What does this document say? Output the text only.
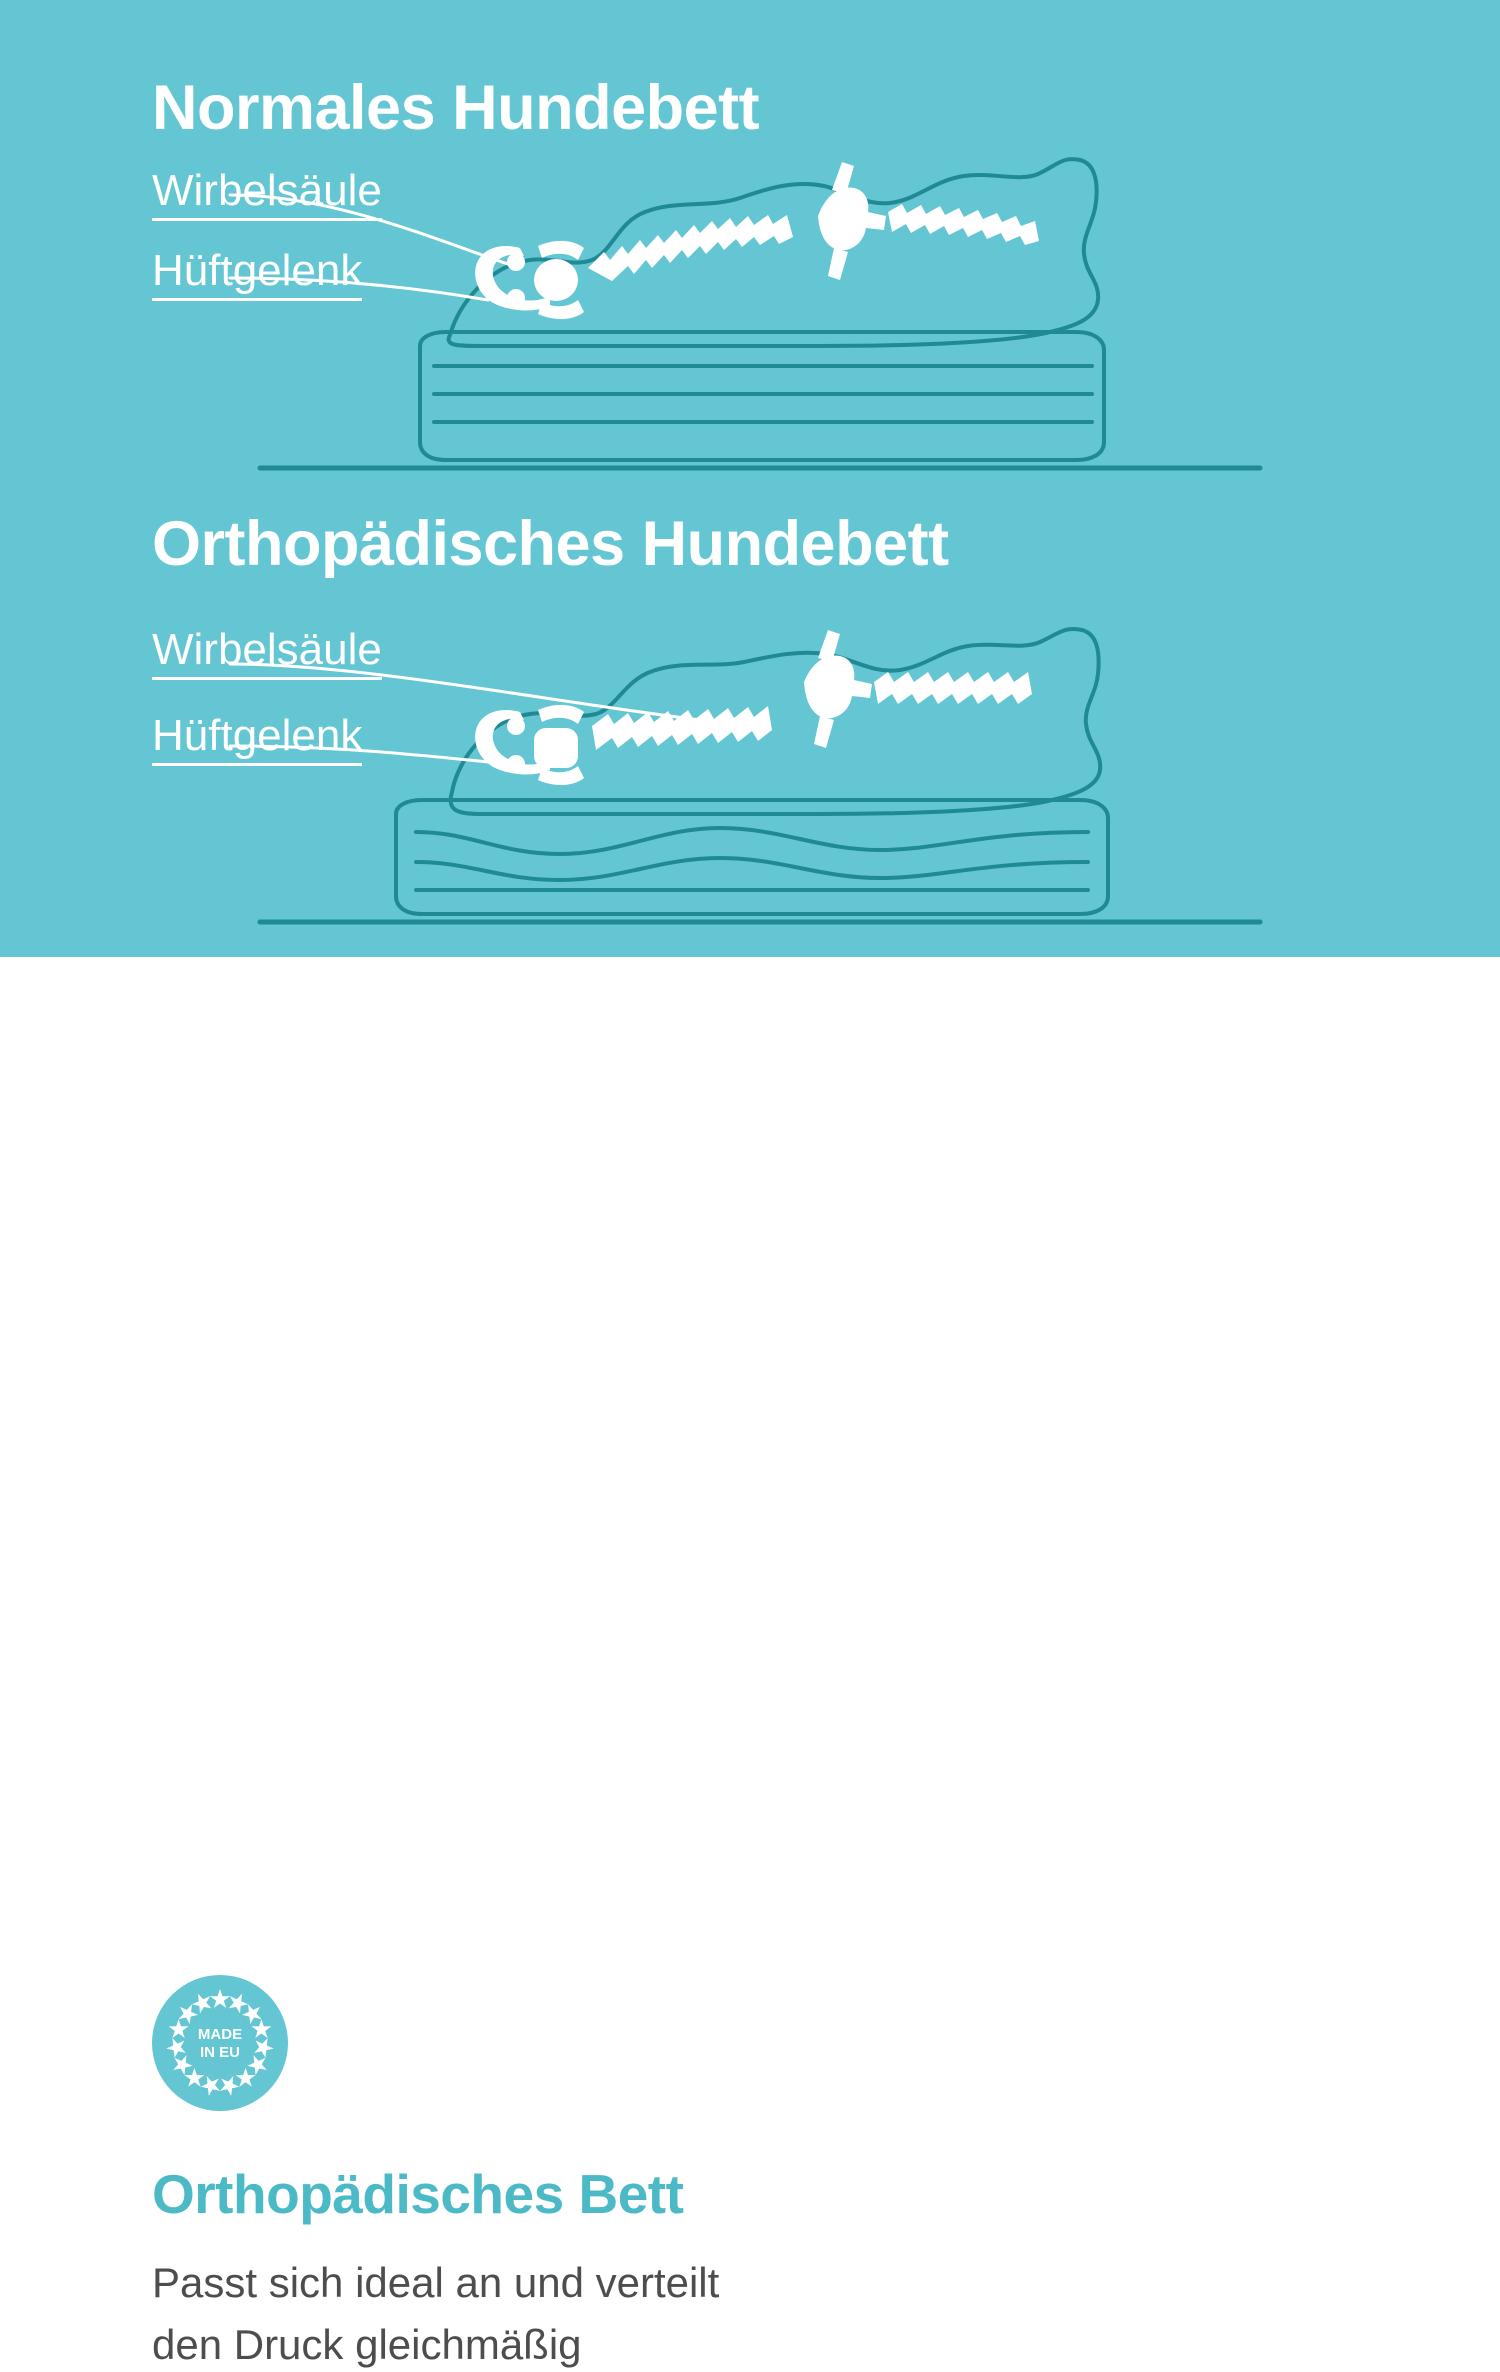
Normales Hundebett
Wirbelsäule
Hüftgelenk
Orthopädisches Hundebett
Wirbelsäule
Hüftgelenk
MADE
IN EU
Orthopädisches Bett
Passt sich ideal an und verteilt
den Druck gleichmäßig
